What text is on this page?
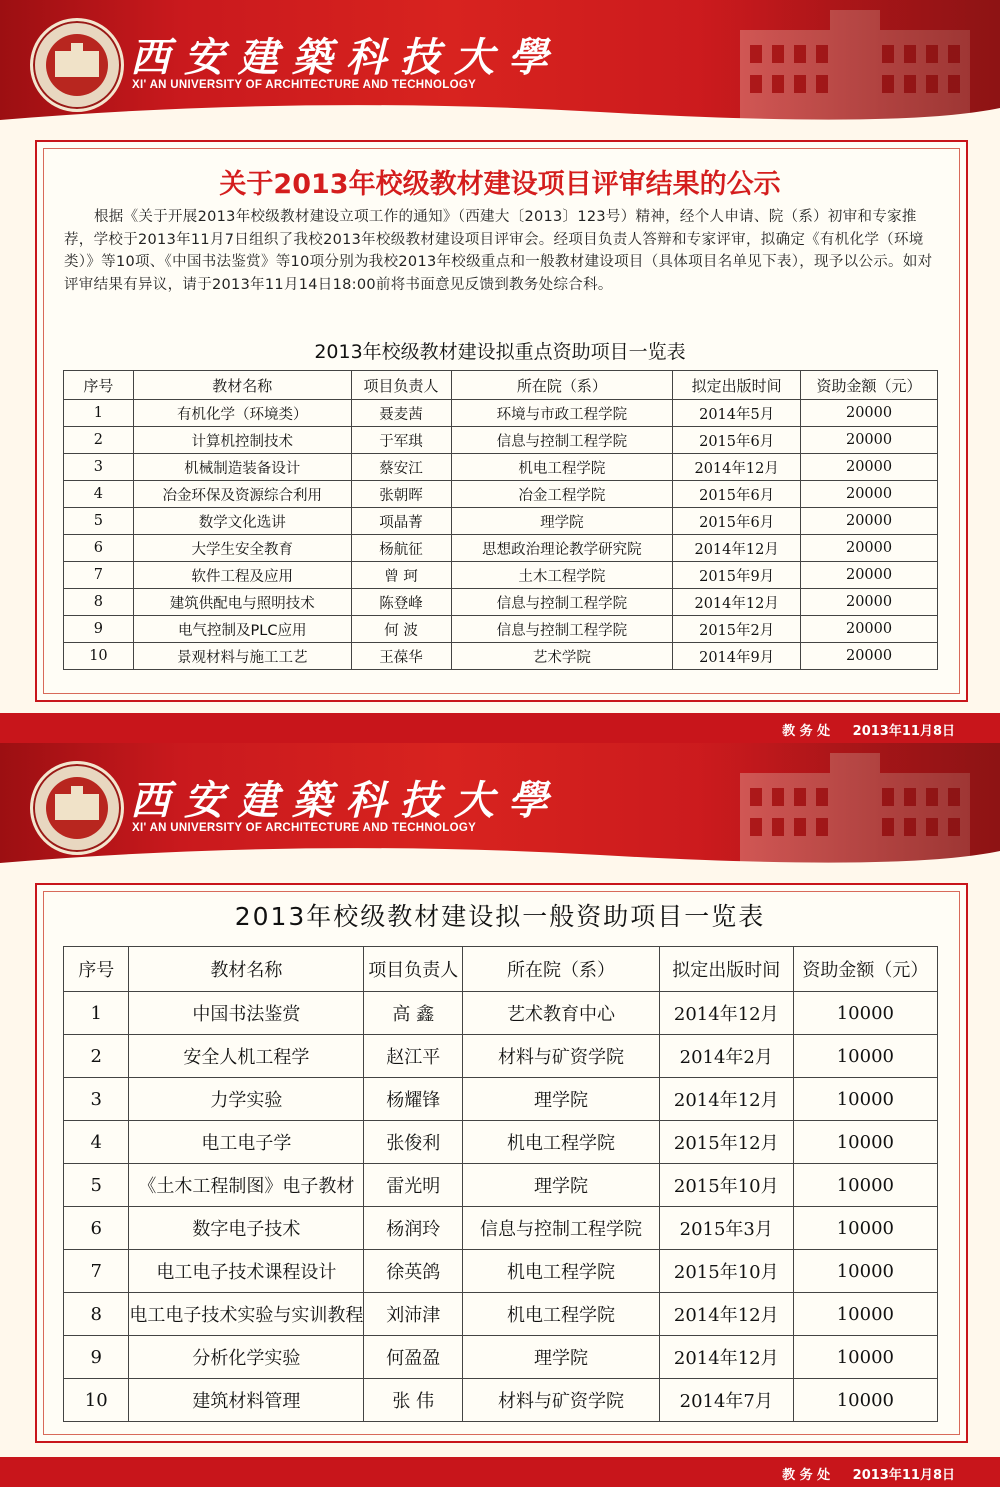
西安建築科技大學
XI' AN UNIVERSITY OF ARCHITECTURE AND TECHNOLOGY
关于2013年校级教材建设项目评审结果的公示
根据《关于开展2013年校级教材建设立项工作的通知》（西建大〔2013〕123号）精神，经个人申请、院（系）初审和专家推荐，学校于2013年11月7日组织了我校2013年校级教材建设项目评审会。经项目负责人答辩和专家评审，拟确定《有机化学（环境类）》等10项、《中国书法鉴赏》等10项分别为我校2013年校级重点和一般教材建设项目（具体项目名单见下表），现予以公示。如对评审结果有异议，请于2013年11月14日18:00前将书面意见反馈到教务处综合科。
2013年校级教材建设拟重点资助项目一览表
序号	教材名称	项目负责人	所在院（系）	拟定出版时间	资助金额（元）
1	有机化学（环境类）	聂麦茜	环境与市政工程学院	2014年5月	20000
2	计算机控制技术	于军琪	信息与控制工程学院	2015年6月	20000
3	机械制造装备设计	蔡安江	机电工程学院	2014年12月	20000
4	冶金环保及资源综合利用	张朝晖	冶金工程学院	2015年6月	20000
5	数学文化选讲	项晶菁	理学院	2015年6月	20000
6	大学生安全教育	杨航征	思想政治理论教学研究院	2014年12月	20000
7	软件工程及应用	曾 珂	土木工程学院	2015年9月	20000
8	建筑供配电与照明技术	陈登峰	信息与控制工程学院	2014年12月	20000
9	电气控制及PLC应用	何 波	信息与控制工程学院	2015年2月	20000
10	景观材料与施工工艺	王葆华	艺术学院	2014年9月	20000
教 务 处 2013年11月8日
西安建築科技大學
XI' AN UNIVERSITY OF ARCHITECTURE AND TECHNOLOGY
2013年校级教材建设拟一般资助项目一览表
序号	教材名称	项目负责人	所在院（系）	拟定出版时间	资助金额（元）
1	中国书法鉴赏	高 鑫	艺术教育中心	2014年12月	10000
2	安全人机工程学	赵江平	材料与矿资学院	2014年2月	10000
3	力学实验	杨耀锋	理学院	2014年12月	10000
4	电工电子学	张俊利	机电工程学院	2015年12月	10000
5	《土木工程制图》电子教材	雷光明	理学院	2015年10月	10000
6	数字电子技术	杨润玲	信息与控制工程学院	2015年3月	10000
7	电工电子技术课程设计	徐英鸽	机电工程学院	2015年10月	10000
8	电工电子技术实验与实训教程	刘沛津	机电工程学院	2014年12月	10000
9	分析化学实验	何盈盈	理学院	2014年12月	10000
10	建筑材料管理	张 伟	材料与矿资学院	2014年7月	10000
教 务 处 2013年11月8日
